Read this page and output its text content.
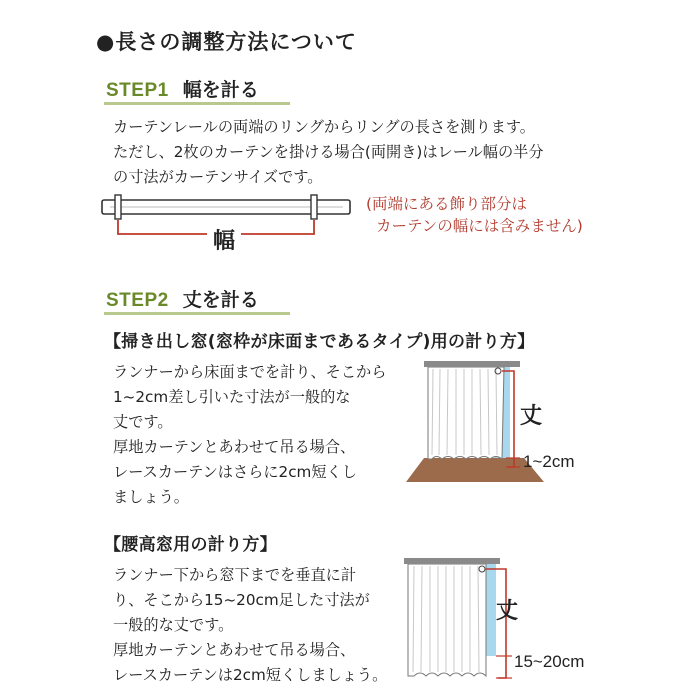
●長さの調整方法について
STEP1 幅を計る
カーテンレールの両端のリングからリングの長さを測ります。
ただし、2枚のカーテンを掛ける場合(両開き)はレール幅の半分
の寸法がカーテンサイズです。
幅
(両端にある飾り部分は
カーテンの幅には含みません)
STEP2 丈を計る
【掃き出し窓(窓枠が床面まであるタイプ)用の計り方】
ランナーから床面までを計り、そこから
1~2cm差し引いた寸法が一般的な
丈です。
厚地カーテンとあわせて吊る場合、
レースカーテンはさらに2cm短くし
ましょう。
丈
1~2cm
【腰高窓用の計り方】
ランナー下から窓下までを垂直に計
り、そこから15~20cm足した寸法が
一般的な丈です。
厚地カーテンとあわせて吊る場合、
レースカーテンは2cm短くしましょう。
丈
15~20cm
